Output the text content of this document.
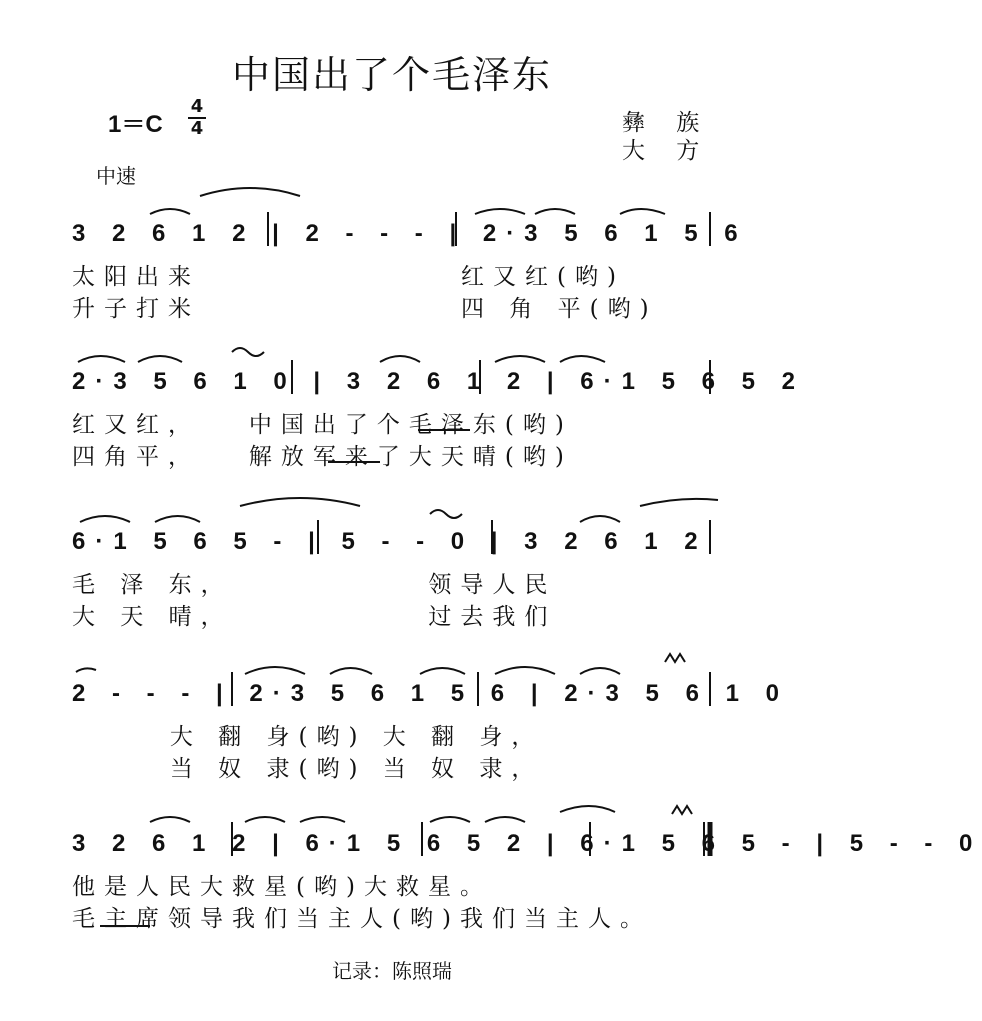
中国出了个毛泽东
1＝C
4
4	彝 族
大 方
中速
3 2 6 1 2 | 2 - - - | 2·3 5 6 1 5 6
太阳出来                红又红(哟)
升子打米                四 角 平(哟)
2·3 5 6 1 0 | 3 2 6 1 2 | 6·1 5 6 5 2
红又红，   中国出了个毛泽东(哟)
四角平，   解放军来了大天晴(哟)
6·1 5 6 5 - | 5 - - 0 | 3 2 6 1 2
毛 泽 东，            领导人民
大 天 晴，            过去我们
2 - - - | 2·3 5 6 1 5 6 | 2·3 5 6 1 0
大 翻 身(哟) 大 翻 身，
当 奴 隶(哟) 当 奴 隶，
3 2 6 1 2 | 6·1 5 6 5 2 | 6·1 5 6 5 - | 5 - - 0
他是人民大救星(哟)大救星。
毛主席领导我们当主人(哟)我们当主人。
记录：陈照瑞
